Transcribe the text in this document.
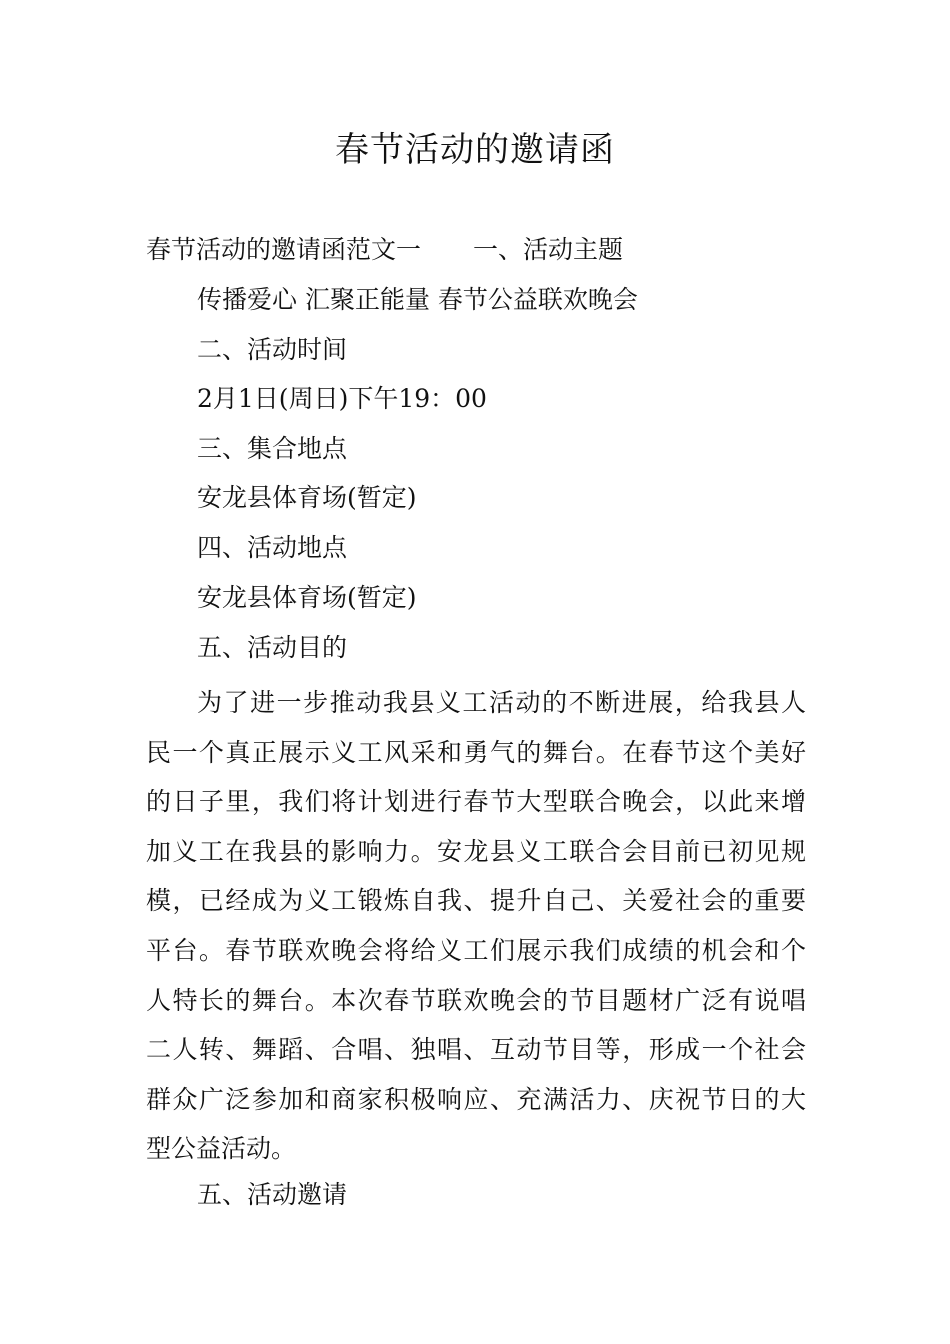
春节活动的邀请函
春节活动的邀请函范文一 一、活动主题
传播爱心 汇聚正能量 春节公益联欢晚会
二、活动时间
2月1日(周日)下午19：00
三、集合地点
安龙县体育场(暂定)
四、活动地点
安龙县体育场(暂定)
五、活动目的
为了进一步推动我县义工活动的不断进展，给我县人
民一个真正展示义工风采和勇气的舞台。在春节这个美好
的日子里，我们将计划进行春节大型联合晚会，以此来增
加义工在我县的影响力。安龙县义工联合会目前已初见规
模，已经成为义工锻炼自我、提升自己、关爱社会的重要
平台。春节联欢晚会将给义工们展示我们成绩的机会和个
人特长的舞台。本次春节联欢晚会的节目题材广泛有说唱
二人转、舞蹈、合唱、独唱、互动节目等，形成一个社会
群众广泛参加和商家积极响应、充满活力、庆祝节日的大
型公益活动。
五、活动邀请
